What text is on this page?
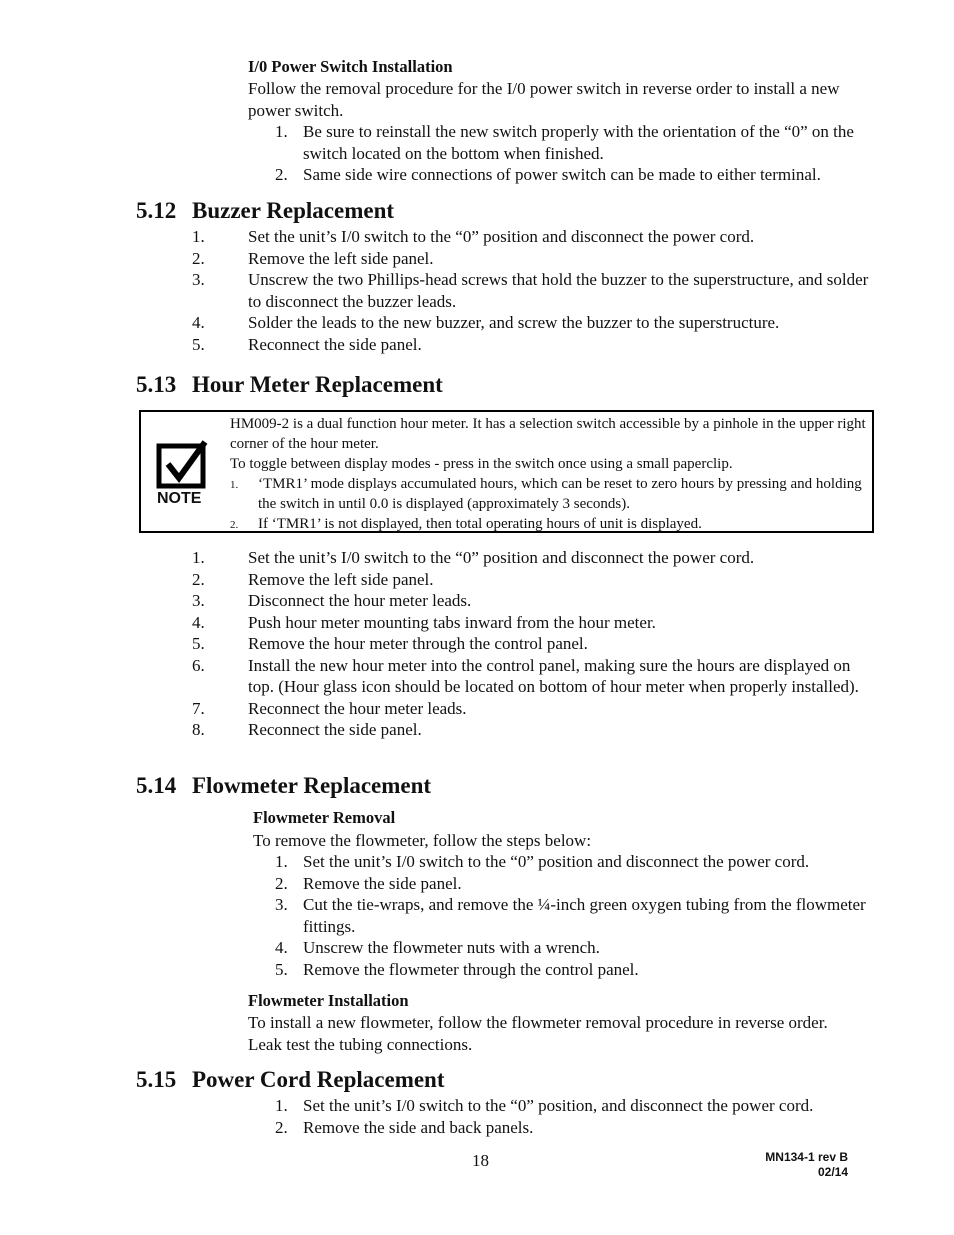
I/0 Power Switch Installation
Follow the removal procedure for the I/0 power switch in reverse order to install a new power switch.
1. Be sure to reinstall the new switch properly with the orientation of the “0” on the switch located on the bottom when finished.
2. Same side wire connections of power switch can be made to either terminal.
5.12 Buzzer Replacement
1.	Set the unit’s I/0 switch to the “0” position and disconnect the power cord.
2.	Remove the left side panel.
3.	Unscrew the two Phillips-head screws that hold the buzzer to the superstructure, and solder to disconnect the buzzer leads.
4.	Solder the leads to the new buzzer, and screw the buzzer to the superstructure.
5.	Reconnect the side panel.
5.13 Hour Meter Replacement
NOTE
HM009-2 is a dual function hour meter. It has a selection switch accessible by a pinhole in the upper right corner of the hour meter.
To toggle between display modes - press in the switch once using a small paperclip.
1. ‘TMR1’ mode displays accumulated hours, which can be reset to zero hours by pressing and holding the switch in until 0.0 is displayed (approximately 3 seconds).
2. If ‘TMR1’ is not displayed, then total operating hours of unit is displayed.
1.	Set the unit’s I/0 switch to the “0” position and disconnect the power cord.
2.	Remove the left side panel.
3.	Disconnect the hour meter leads.
4.	Push hour meter mounting tabs inward from the hour meter.
5.	Remove the hour meter through the control panel.
6.	Install the new hour meter into the control panel, making sure the hours are displayed on top. (Hour glass icon should be located on bottom of hour meter when properly installed).
7.	Reconnect the hour meter leads.
8.	Reconnect the side panel.
5.14 Flowmeter Replacement
Flowmeter Removal
To remove the flowmeter, follow the steps below:
1. Set the unit’s I/0 switch to the “0” position and disconnect the power cord.
2. Remove the side panel.
3. Cut the tie-wraps, and remove the ¼-inch green oxygen tubing from the flowmeter fittings.
4. Unscrew the flowmeter nuts with a wrench.
5. Remove the flowmeter through the control panel.
Flowmeter Installation
To install a new flowmeter, follow the flowmeter removal procedure in reverse order. Leak test the tubing connections.
5.15 Power Cord Replacement
1. Set the unit’s I/0 switch to the “0” position, and disconnect the power cord.
2. Remove the side and back panels.
18	MN134-1 rev B
02/14
